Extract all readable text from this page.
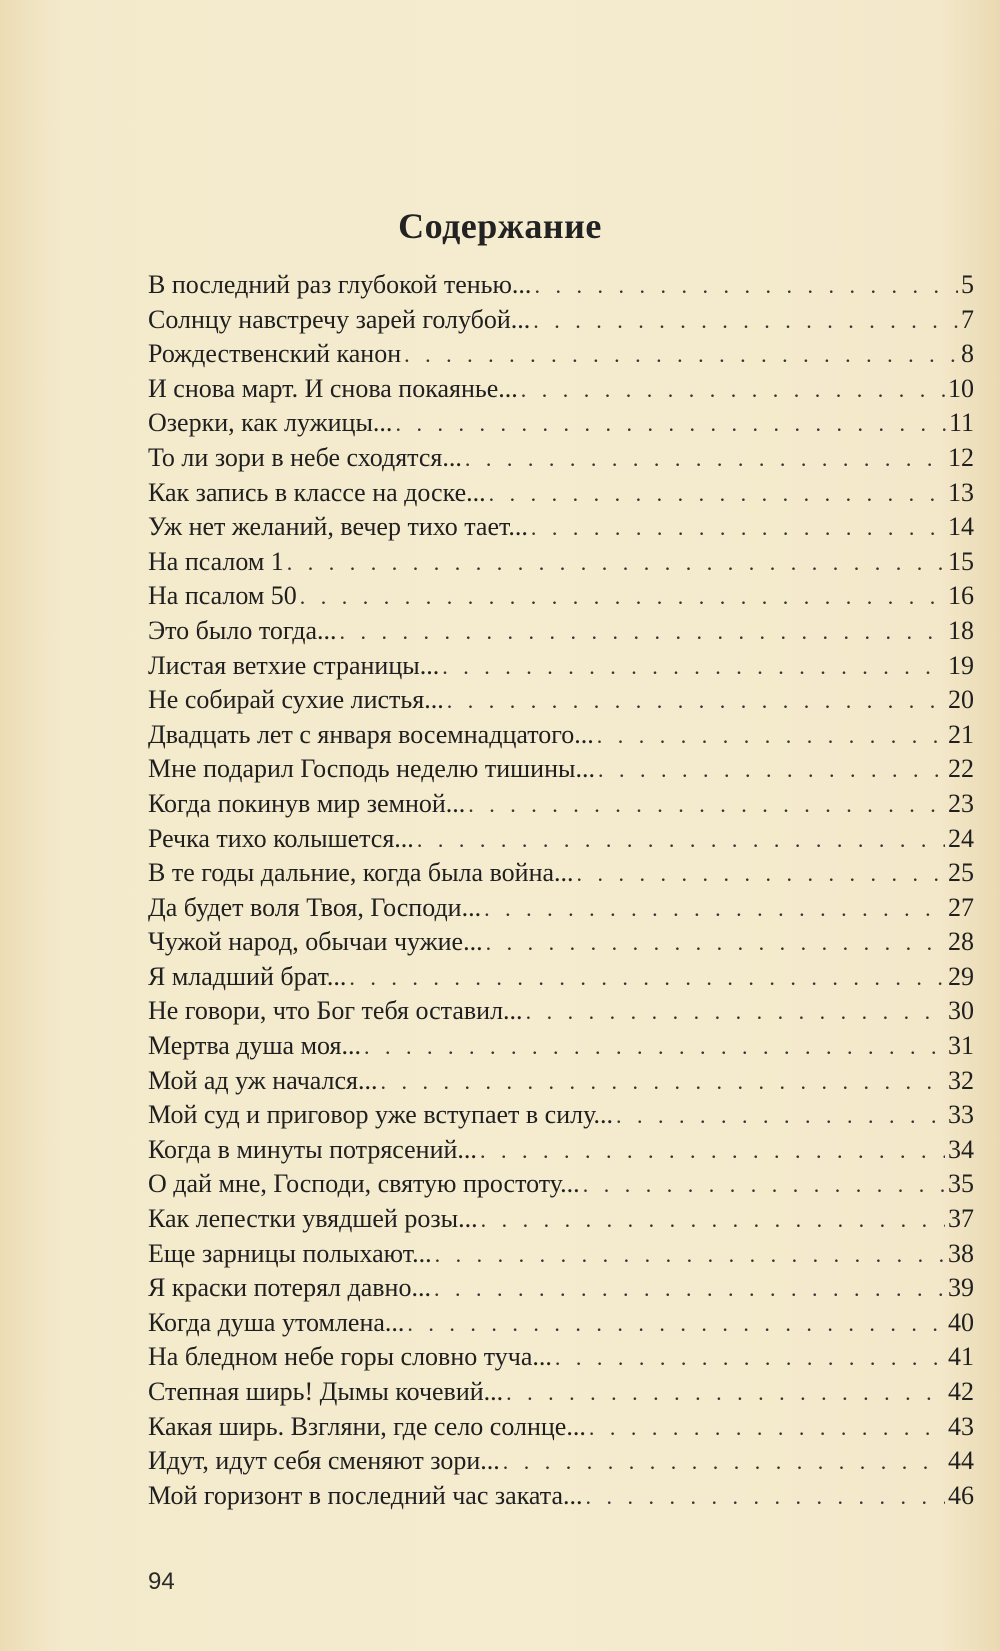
Содержание
В последний раз глубокой тенью... . . .	5
Солнцу навстречу зарей голубой... . . .	7
Рождественский канон . . .	8
И снова март. И снова покаянье... . . .	10
Озерки, как лужицы... . . .	11
То ли зори в небе сходятся... . . .	12
Как запись в классе на доске... . . .	13
Уж нет желаний, вечер тихо тает... . . .	14
На псалом 1 . . .	15
На псалом 50 . . .	16
Это было тогда... . . .	18
Листая ветхие страницы... . . .	19
Не собирай сухие листья... . . .	20
Двадцать лет с января восемнадцатого... . . .	21
Мне подарил Господь неделю тишины... . . .	22
Когда покинув мир земной... . . .	23
Речка тихо колышется... . . .	24
В те годы дальние, когда была война... . . .	25
Да будет воля Твоя, Господи... . . .	27
Чужой народ, обычаи чужие... . . .	28
Я младший брат... . . .	29
Не говори, что Бог тебя оставил... . . .	30
Мертва душа моя... . . .	31
Мой ад уж начался... . . .	32
Мой суд и приговор уже вступает в силу... . . .	33
Когда в минуты потрясений... . . .	34
О дай мне, Господи, святую простоту... . . .	35
Как лепестки увядшей розы... . . .	37
Еще зарницы полыхают... . . .	38
Я краски потерял давно... . . .	39
Когда душа утомлена... . . .	40
На бледном небе горы словно туча... . . .	41
Степная ширь! Дымы кочевий... . . .	42
Какая ширь. Взгляни, где село солнце... . . .	43
Идут, идут себя сменяют зори... . . .	44
Мой горизонт в последний час заката... . . .	46
94
